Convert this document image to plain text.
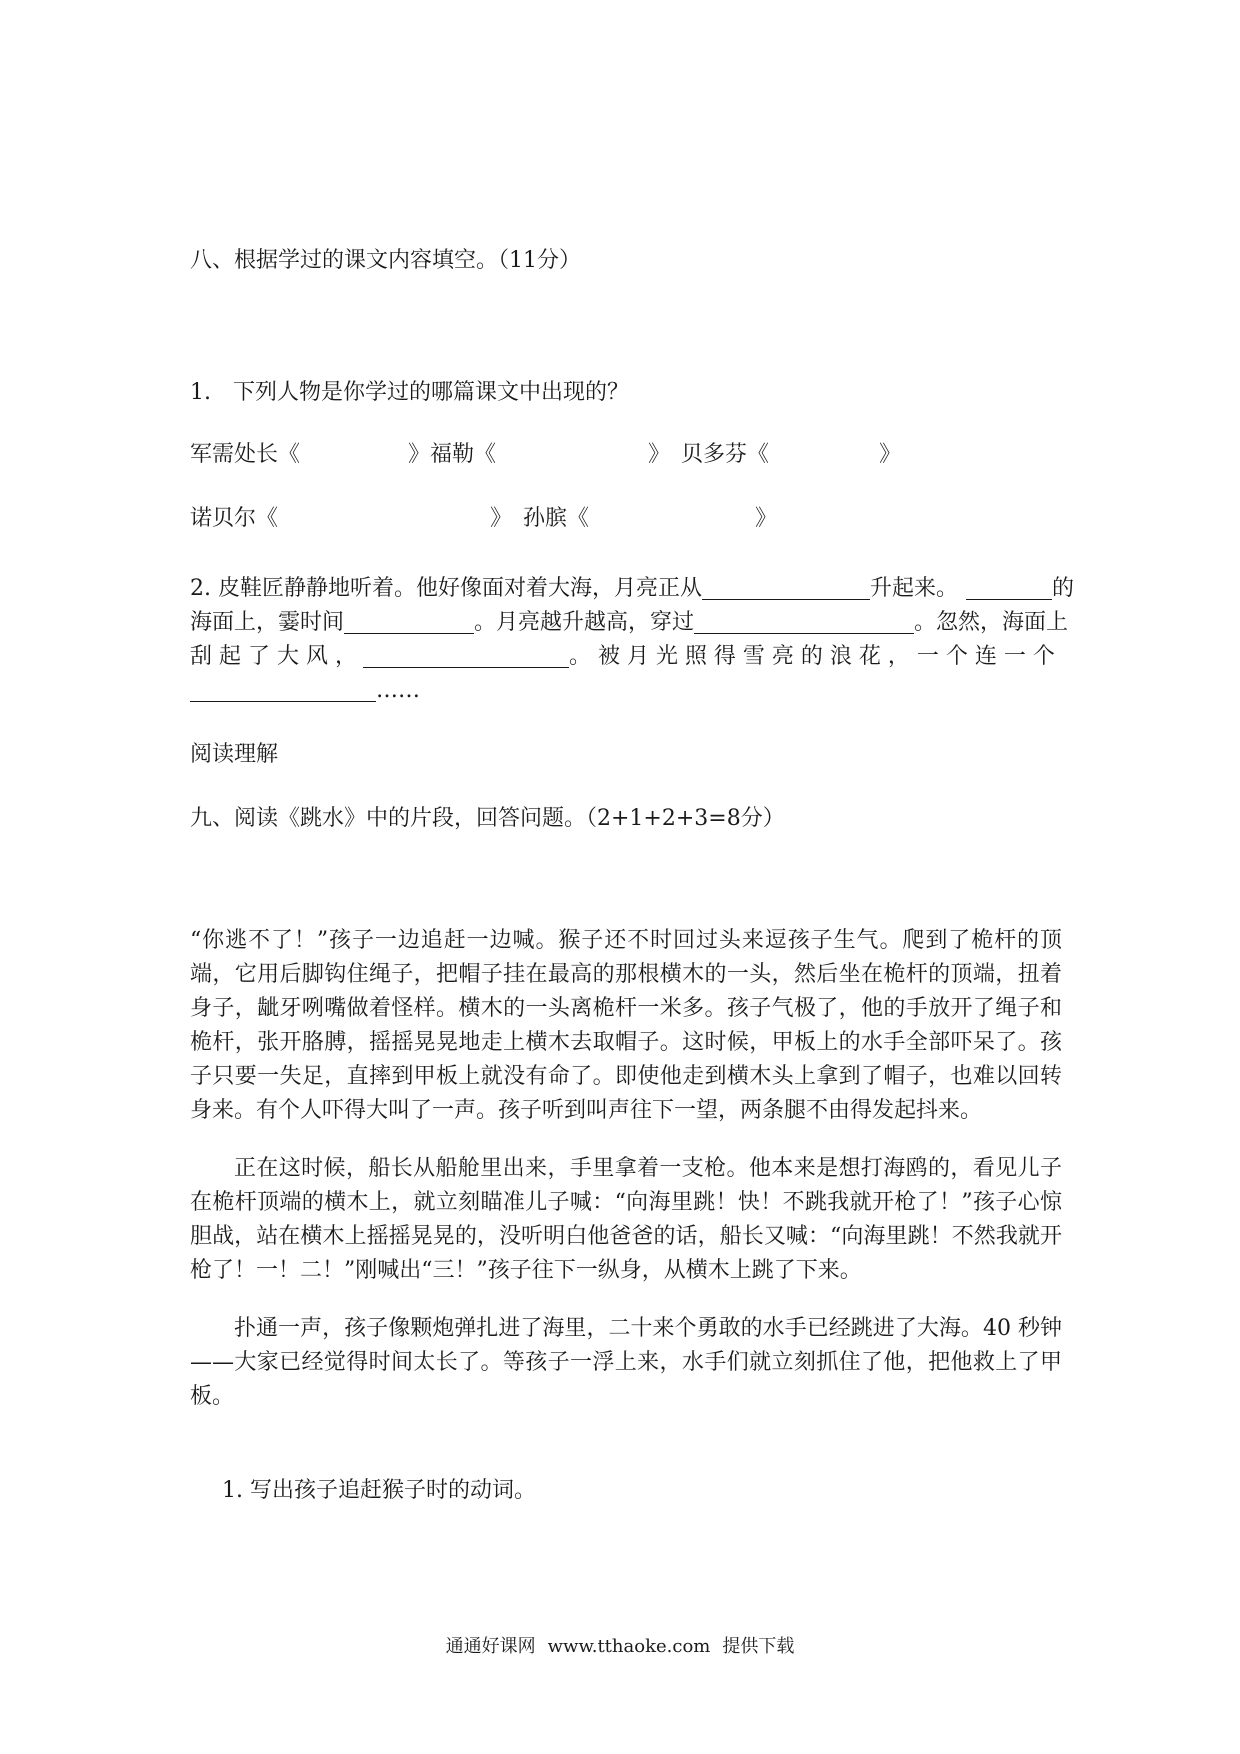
八、根据学过的课文内容填空。（11分）
1.　下列人物是你学过的哪篇课文中出现的？
军需处长《	》福勒《	》　贝多芬《	》
诺贝尔《	》　孙膑《	》
2. 皮鞋匠静静地听着。他好像面对着大海，月亮正从	升起来。	的
海面上，霎时间	。月亮越升越高，穿过	。忽然，海面上
刮 起 了 大 风 ，	。 被 月 光 照 得 雪 亮 的 浪 花 ， 一 个 连 一 个
……
阅读理解
九、阅读《跳水》中的片段，回答问题。（2+1+2+3=8分）

“你逃不了！”孩子一边追赶一边喊。猴子还不时回过头来逗孩子生气。爬到了桅杆的顶端，它用后脚钩住绳子，把帽子挂在最高的那根横木的一头，然后坐在桅杆的顶端，扭着身子，龇牙咧嘴做着怪样。横木的一头离桅杆一米多。孩子气极了，他的手放开了绳子和桅杆，张开胳膊，摇摇晃晃地走上横木去取帽子。这时候，甲板上的水手全部吓呆了。孩子只要一失足，直摔到甲板上就没有命了。即使他走到横木头上拿到了帽子，也难以回转身来。有个人吓得大叫了一声。孩子听到叫声往下一望，两条腿不由得发起抖来。

正在这时候，船长从船舱里出来，手里拿着一支枪。他本来是想打海鸥的，看见儿子在桅杆顶端的横木上，就立刻瞄准儿子喊：“向海里跳！快！不跳我就开枪了！”孩子心惊胆战，站在横木上摇摇晃晃的，没听明白他爸爸的话，船长又喊：“向海里跳！不然我就开枪了！一！二！”刚喊出“三！”孩子往下一纵身，从横木上跳了下来。

扑通一声，孩子像颗炮弹扎进了海里，二十来个勇敢的水手已经跳进了大海。40 秒钟——大家已经觉得时间太长了。等孩子一浮上来，水手们就立刻抓住了他，把他救上了甲板。

1. 写出孩子追赶猴子时的动词。
通通好课网 www.tthaoke.com 提供下载
